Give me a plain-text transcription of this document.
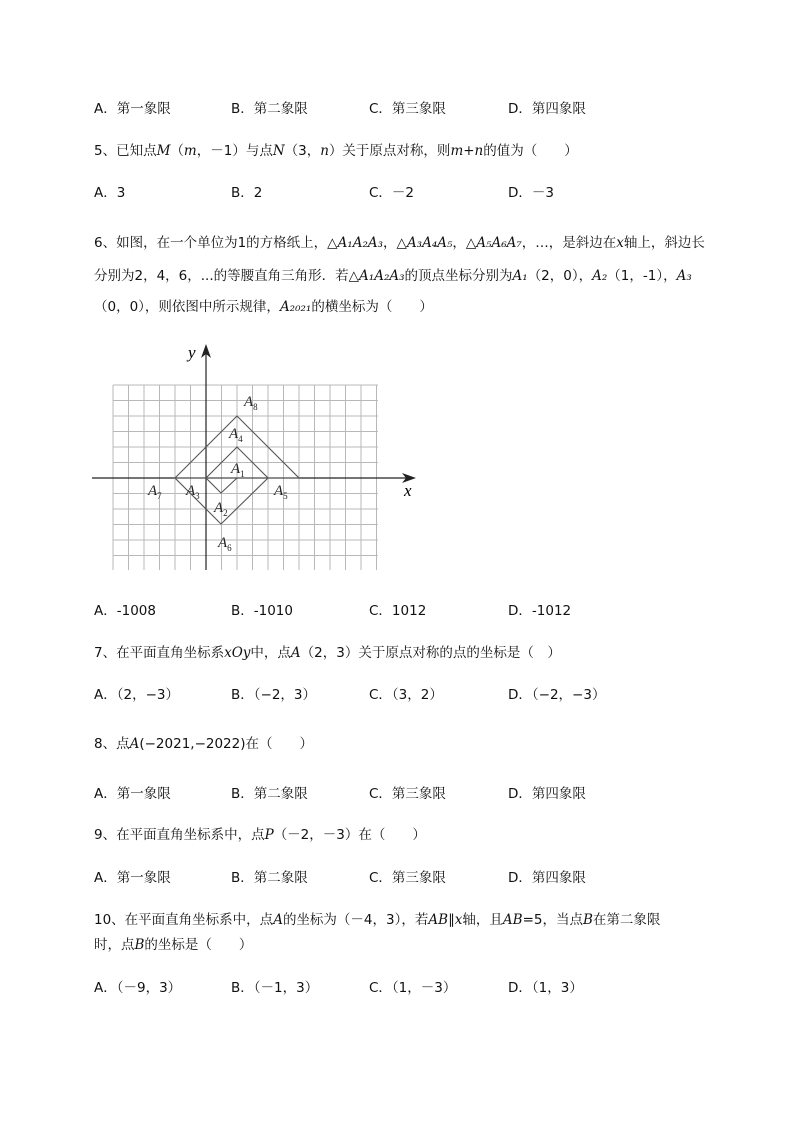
A．第一象限	B．第二象限	C．第三象限	D．第四象限
5、已知点M（m，－1）与点N（3，n）关于原点对称，则m+n的值为（　　）
A．3	B．2	C．－2	D．－3
6、如图，在一个单位为1的方格纸上，△A₁A₂A₃，△A₃A₄A₅，△A₅A₆A₇，…，是斜边在x轴上，斜边长
分别为2，4，6，...的等腰直角三角形．若△A₁A₂A₃的顶点坐标分别为A₁（2，0），A₂（1，-1），A₃
（0，0），则依图中所示规律，A₂₀₂₁的横坐标为（　　）
x
y
$A_1$
$A_2$
$A_3$
$A_4$
$A_5$
$A_6$
$A_7$
$A_8$
A．-1008	B．-1010	C．1012	D．-1012
7、在平面直角坐标系xOy中，点A（2，3）关于原点对称的点的坐标是（　）
A．（2，−3）	B．（−2，3）	C．（3，2）	D．（−2，−3）
8、点A(−2021,−2022)在（　　）
A．第一象限	B．第二象限	C．第三象限	D．第四象限
9、在平面直角坐标系中，点P（－2，－3）在（　　）
A．第一象限	B．第二象限	C．第三象限	D．第四象限
10、在平面直角坐标系中，点A的坐标为（－4，3），若AB∥x轴，且AB=5，当点B在第二象限
时，点B的坐标是（　　）
A．（－9，3）	B．（－1，3）	C．（1，－3）	D．（1，3）
